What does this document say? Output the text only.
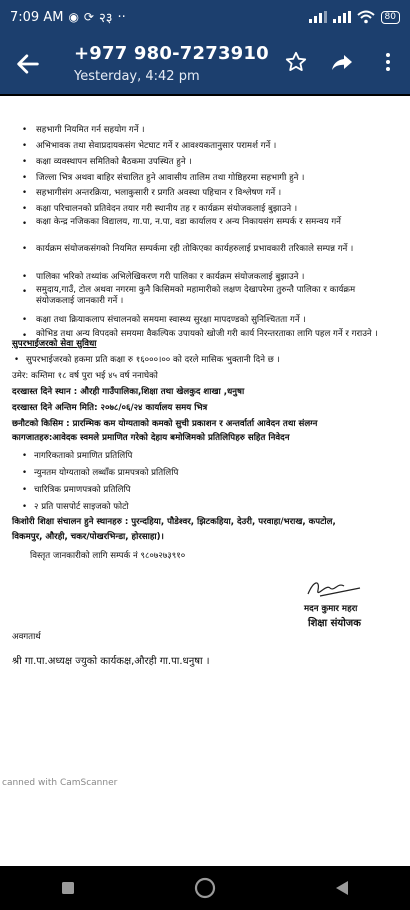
7:09 AM ◉ ⟳ २३ ··	80
+977 980-7273910
Yesterday, 4:42 pm
• सहभागी नियमित गर्न सहयोग गर्ने ।
• अभिभावक तथा सेवाप्रदायकसंग भेटघाट गर्ने र आवश्यकतानुसार परामर्श गर्ने ।
• कक्षा व्यवस्थापन समितिको बैठकमा उपस्थित हुने ।
• जिल्ला भित्र अथवा बाहिर संचालित हुने आवासीय तालिम तथा गोष्ठिहरमा सहभागी हुने ।
• सहभागीसंग अन्तरक्रिया, भलाकुसारी र प्रगति अवस्था पहिचान र विश्लेषण गर्ने ।
• कक्षा परिचालनको प्रतिवेदन तयार गरी स्थानीय तह र कार्यक्रम संयोजकलाई बुझाउने ।
• कक्षा केन्द्र नजिकका विद्यालय, गा.पा, न.पा, वडा कार्यालय र अन्य निकायसंग सम्पर्क र समन्वय गर्ने
• कार्यक्रम संयोजकसंगको नियमित सम्पर्कमा रही तोकिएका कार्यहरुलाई प्रभावकारी तरिकाले सम्पन्न गर्ने ।
• पालिका भरिको तथ्यांक अभिलेखिकरण गरी पालिका र कार्यक्रम संयोजकलाई बुझाउने ।
• समुदाय,गाउँ, टोल अथवा नगरमा कुनै किसिमको महामारीको लक्षण देखापरेमा तुरुन्तै पालिका र कार्यक्रम संयोजकलाई जानकारी गर्ने ।
• कक्षा तथा क्रियाकलाप संचालनको समयमा स्वास्थ्य सुरक्षा मापदण्डको सुनिश्चितता गर्ने ।
• कोभिड तथा अन्य विपदको समयमा वैकल्पिक उपायको खोजी गरी कार्य निरन्तरताका लागि पहल गर्ने र गराउने ।
सुपरभाईजरको सेवा सुविधा
• सुपरभाईजरको हकमा प्रति कक्षा रु १६०००।०० को दरले मासिक भुक्तानी दिने छ ।
उमेर: कम्तिमा १८ वर्ष पुरा भई ४५ वर्ष ननाघेको
दरखास्त दिने स्थान : औरही गाउँपालिका,शिक्षा तथा खेलकुद शाखा ,धनुषा
दरखास्त दिने अन्तिम मिति: २०७८/०६/२४ कार्यालय समय भित्र
छनौटको किसिम : प्रारम्भिक कम योग्यताको कमको सुची प्रकाशन र अन्तर्वार्ता आवेदन तथा संलग्न
कागजातहरु:आवेदक स्वमले प्रमाणित गरेको देहाय बमोजिमको प्रतिलिपिहरु सहित निवेदन
• नागरिकताको प्रमाणित प्रतिलिपि
• न्युनतम योग्यताको लब्धाँक प्रामपत्रको प्रतिलिपि
• चारित्रिक प्रमाणपत्रको प्रतिलिपि
• २ प्रति पासपोर्ट साइजको फोटो
किशोरी शिक्षा संचालन हुने स्थानहरु : पुरन्दहिया, पौडेश्वर, झिटकहिया, देउरी, परवाहा/भराख, कपटोल,
विकमपुर, औरही, चकर/पोखरभिन्डा, होरसाहा)।
विस्तृत जानकारीको लागि सम्पर्क नं ९८०७२७३९१०
मदन कुमार महरा
शिक्षा संयोजक
अवगतार्थ
श्री गा.पा.अध्यक्ष ज्युको कार्यकक्ष,औरही गा.पा.धनुषा ।
canned with CamScanner
